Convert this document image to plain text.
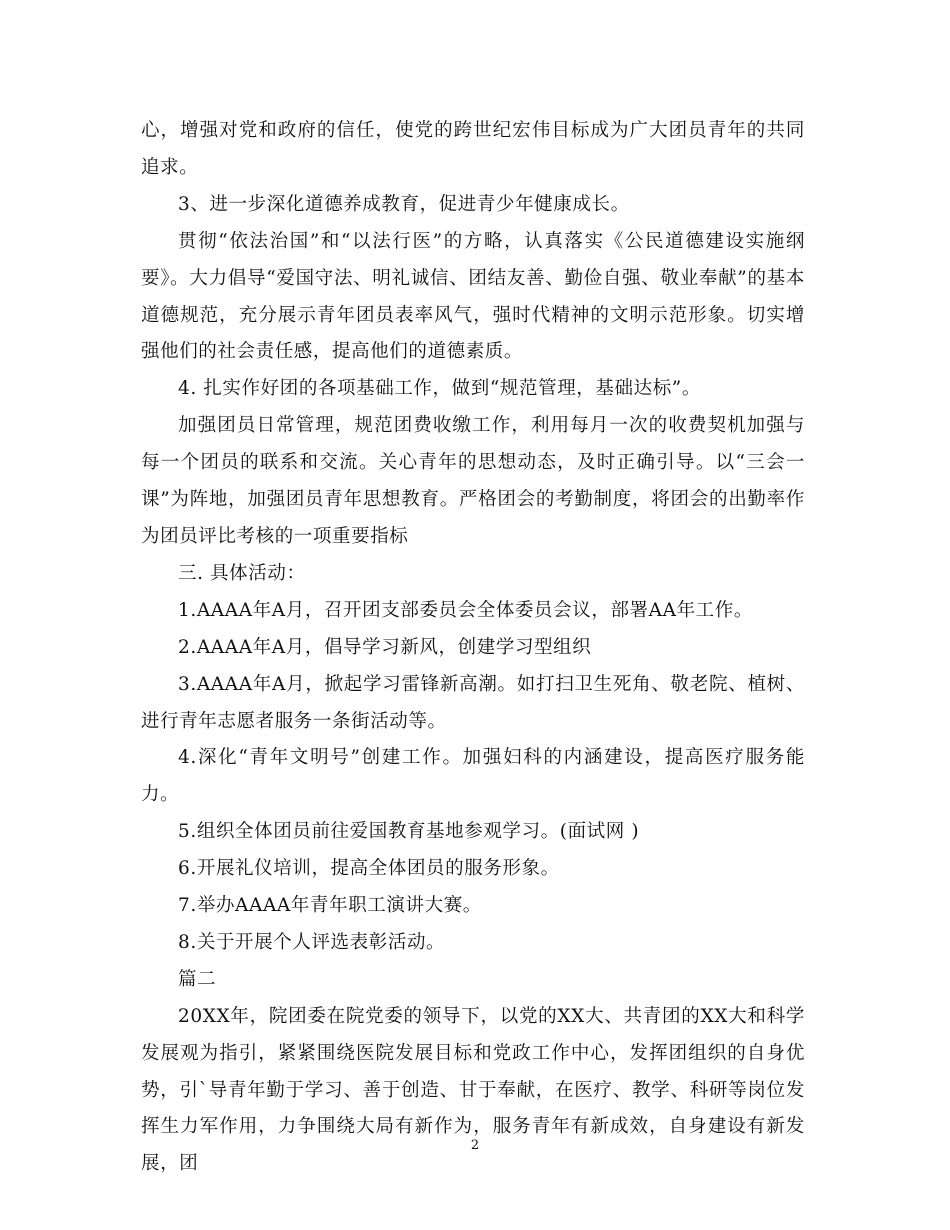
心，增强对党和政府的信任，使党的跨世纪宏伟目标成为广大团员青年的共同追求。

3、进一步深化道德养成教育，促进青少年健康成长。

贯彻“依法治国”和“以法行医”的方略，认真落实《公民道德建设实施纲要》。大力倡导“爱国守法、明礼诚信、团结友善、勤俭自强、敬业奉献”的基本道德规范，充分展示青年团员表率风气，强时代精神的文明示范形象。切实增强他们的社会责任感，提高他们的道德素质。

4. 扎实作好团的各项基础工作，做到“规范管理，基础达标”。

加强团员日常管理，规范团费收缴工作，利用每月一次的收费契机加强与每一个团员的联系和交流。关心青年的思想动态，及时正确引导。以“三会一课”为阵地，加强团员青年思想教育。严格团会的考勤制度，将团会的出勤率作为团员评比考核的一项重要指标

三. 具体活动：

1.AAAA年A月，召开团支部委员会全体委员会议，部署AA年工作。

2.AAAA年A月，倡导学习新风，创建学习型组织

3.AAAA年A月，掀起学习雷锋新高潮。如打扫卫生死角、敬老院、植树、进行青年志愿者服务一条街活动等。

4.深化“青年文明号”创建工作。加强妇科的内涵建设，提高医疗服务能力。

5.组织全体团员前往爱国教育基地参观学习。(面试网 )

6.开展礼仪培训，提高全体团员的服务形象。

7.举办AAAA年青年职工演讲大赛。

8.关于开展个人评选表彰活动。

篇二

20XX年，院团委在院党委的领导下，以党的XX大、共青团的XX大和科学发展观为指引，紧紧围绕医院发展目标和党政工作中心，发挥团组织的自身优势，引`导青年勤于学习、善于创造、甘于奉献，在医疗、教学、科研等岗位发挥生力军作用，力争围绕大局有新作为，服务青年有新成效，自身建设有新发展，团

2
